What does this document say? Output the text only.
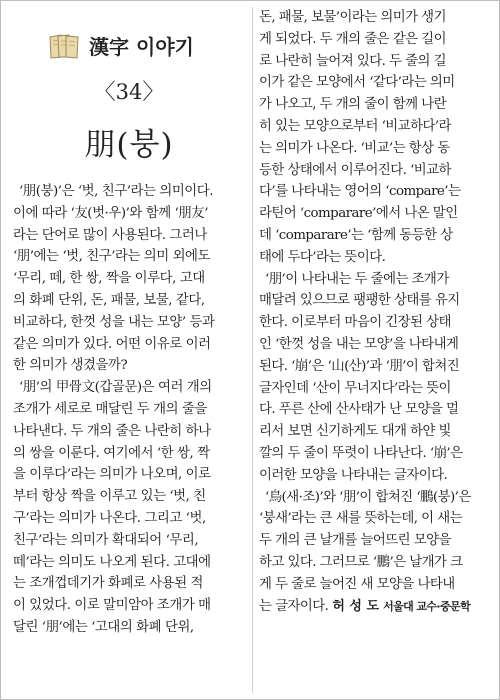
漢字 이야기
〈34〉
朋(붕)
‘朋(붕)’은 ‘벗, 친구’라는 의미이다.
이에 따라 ‘友(벗·우)’와 함께 ‘朋友’
라는 단어로 많이 사용된다. 그러나
‘朋’에는 ‘벗, 친구’라는 의미 외에도
‘무리, 떼, 한 쌍, 짝을 이루다, 고대
의 화폐 단위, 돈, 패물, 보물, 같다,
비교하다, 한껏 성을 내는 모양’ 등과
같은 의미가 있다. 어떤 이유로 이러
한 의미가 생겼을까?
‘朋’의 甲骨文(갑골문)은 여러 개의
조개가 세로로 매달린 두 개의 줄을
나타낸다. 두 개의 줄은 나란히 하나
의 쌍을 이룬다. 여기에서 ‘한 쌍, 짝
을 이루다’라는 의미가 나오며, 이로
부터 항상 짝을 이루고 있는 ‘벗, 친
구’라는 의미가 나온다. 그리고 ‘벗,
친구’라는 의미가 확대되어 ‘무리,
떼’라는 의미도 나오게 된다. 고대에
는 조개껍데기가 화폐로 사용된 적
이 있었다. 이로 말미암아 조개가 매
달린 ‘朋’에는 ‘고대의 화폐 단위,
돈, 패물, 보물’이라는 의미가 생기
게 되었다. 두 개의 줄은 같은 길이
로 나란히 늘어져 있다. 두 줄의 길
이가 같은 모양에서 ‘같다’라는 의미
가 나오고, 두 개의 줄이 함께 나란
히 있는 모양으로부터 ‘비교하다’라
는 의미가 나온다. ‘비교’는 항상 동
등한 상태에서 이루어진다. ‘비교하
다’를 나타내는 영어의 ‘compare’는
라틴어 ‘comparare’에서 나온 말인
데 ‘comparare’는 ‘함께 동등한 상
태에 두다’라는 뜻이다.
‘朋’이 나타내는 두 줄에는 조개가
매달려 있으므로 팽팽한 상태를 유지
한다. 이로부터 마음이 긴장된 상태
인 ‘한껏 성을 내는 모양’을 나타내게
된다. ‘崩’은 ‘山(산)’과 ‘朋’이 합쳐진
글자인데 ‘산이 무너지다’라는 뜻이
다. 푸른 산에 산사태가 난 모양을 멀
리서 보면 신기하게도 대개 하얀 빛
깔의 두 줄이 뚜렷이 나타난다. ‘崩’은
이러한 모양을 나타내는 글자이다.
‘鳥(새·조)’와 ‘朋’이 합쳐진 ‘鵬(붕)’은
‘붕새’라는 큰 새를 뜻하는데, 이 새는
두 개의 큰 날개를 늘어뜨린 모양을
하고 있다. 그러므로 ‘鵬’은 날개가 크
게 두 줄로 늘어진 새 모양을 나타내
는 글자이다. 허 성 도 서울대 교수·중문학
